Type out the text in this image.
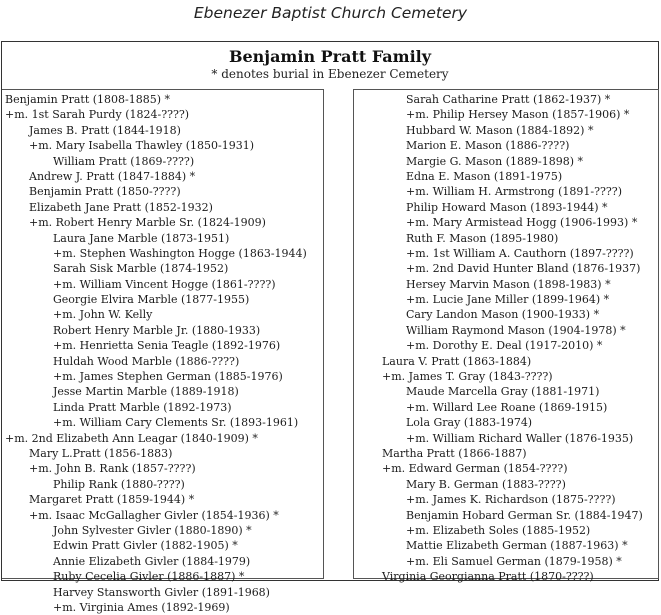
Ebenezer Baptist Church Cemetery
Benjamin Pratt Family
* denotes burial in Ebenezer Cemetery
Benjamin Pratt (1808-1885) *
+m. 1st Sarah Purdy (1824-????)
James B. Pratt (1844-1918)
+m. Mary Isabella Thawley (1850-1931)
William Pratt (1869-????)
Andrew J. Pratt (1847-1884) *
Benjamin Pratt (1850-????)
Elizabeth Jane Pratt (1852-1932)
+m. Robert Henry Marble Sr. (1824-1909)
Laura Jane Marble (1873-1951)
+m. Stephen Washington Hogge (1863-1944)
Sarah Sisk Marble (1874-1952)
+m. William Vincent Hogge (1861-????)
Georgie Elvira Marble (1877-1955)
+m. John W. Kelly
Robert Henry Marble Jr. (1880-1933)
+m. Henrietta Senia Teagle (1892-1976)
Huldah Wood Marble (1886-????)
+m. James Stephen German (1885-1976)
Jesse Martin Marble (1889-1918)
Linda Pratt Marble (1892-1973)
+m. William Cary Clements Sr. (1893-1961)
+m. 2nd Elizabeth Ann Leagar (1840-1909) *
Mary L.Pratt (1856-1883)
+m. John B. Rank (1857-????)
Philip Rank (1880-????)
Margaret Pratt (1859-1944) *
+m. Isaac McGallagher Givler (1854-1936) *
John Sylvester Givler (1880-1890) *
Edwin Pratt Givler (1882-1905) *
Annie Elizabeth Givler (1884-1979)
Ruby Cecelia Givler (1886-1887) *
Harvey Stansworth Givler (1891-1968)
+m. Virginia Ames (1892-1969)
Sarah Catharine Pratt (1862-1937) *
+m. Philip Hersey Mason (1857-1906) *
Hubbard W. Mason (1884-1892) *
Marion E. Mason (1886-????)
Margie G. Mason (1889-1898) *
Edna E. Mason (1891-1975)
+m. William H. Armstrong (1891-????)
Philip Howard Mason (1893-1944) *
+m. Mary Armistead Hogg (1906-1993) *
Ruth F. Mason (1895-1980)
+m. 1st William A. Cauthorn (1897-????)
+m. 2nd David Hunter Bland (1876-1937)
Hersey Marvin Mason (1898-1983) *
+m. Lucie Jane Miller (1899-1964) *
Cary Landon Mason (1900-1933) *
William Raymond Mason (1904-1978) *
+m. Dorothy E. Deal (1917-2010) *
Laura V. Pratt (1863-1884)
+m. James T. Gray (1843-????)
Maude Marcella Gray (1881-1971)
+m. Willard Lee Roane (1869-1915)
Lola Gray (1883-1974)
+m. William Richard Waller (1876-1935)
Martha Pratt (1866-1887)
+m. Edward German (1854-????)
Mary B. German (1883-????)
+m. James K. Richardson (1875-????)
Benjamin Hobard German Sr. (1884-1947)
+m. Elizabeth Soles (1885-1952)
Mattie Elizabeth German (1887-1963) *
+m. Eli Samuel German (1879-1958) *
Virginia Georgianna Pratt (1870-????)
